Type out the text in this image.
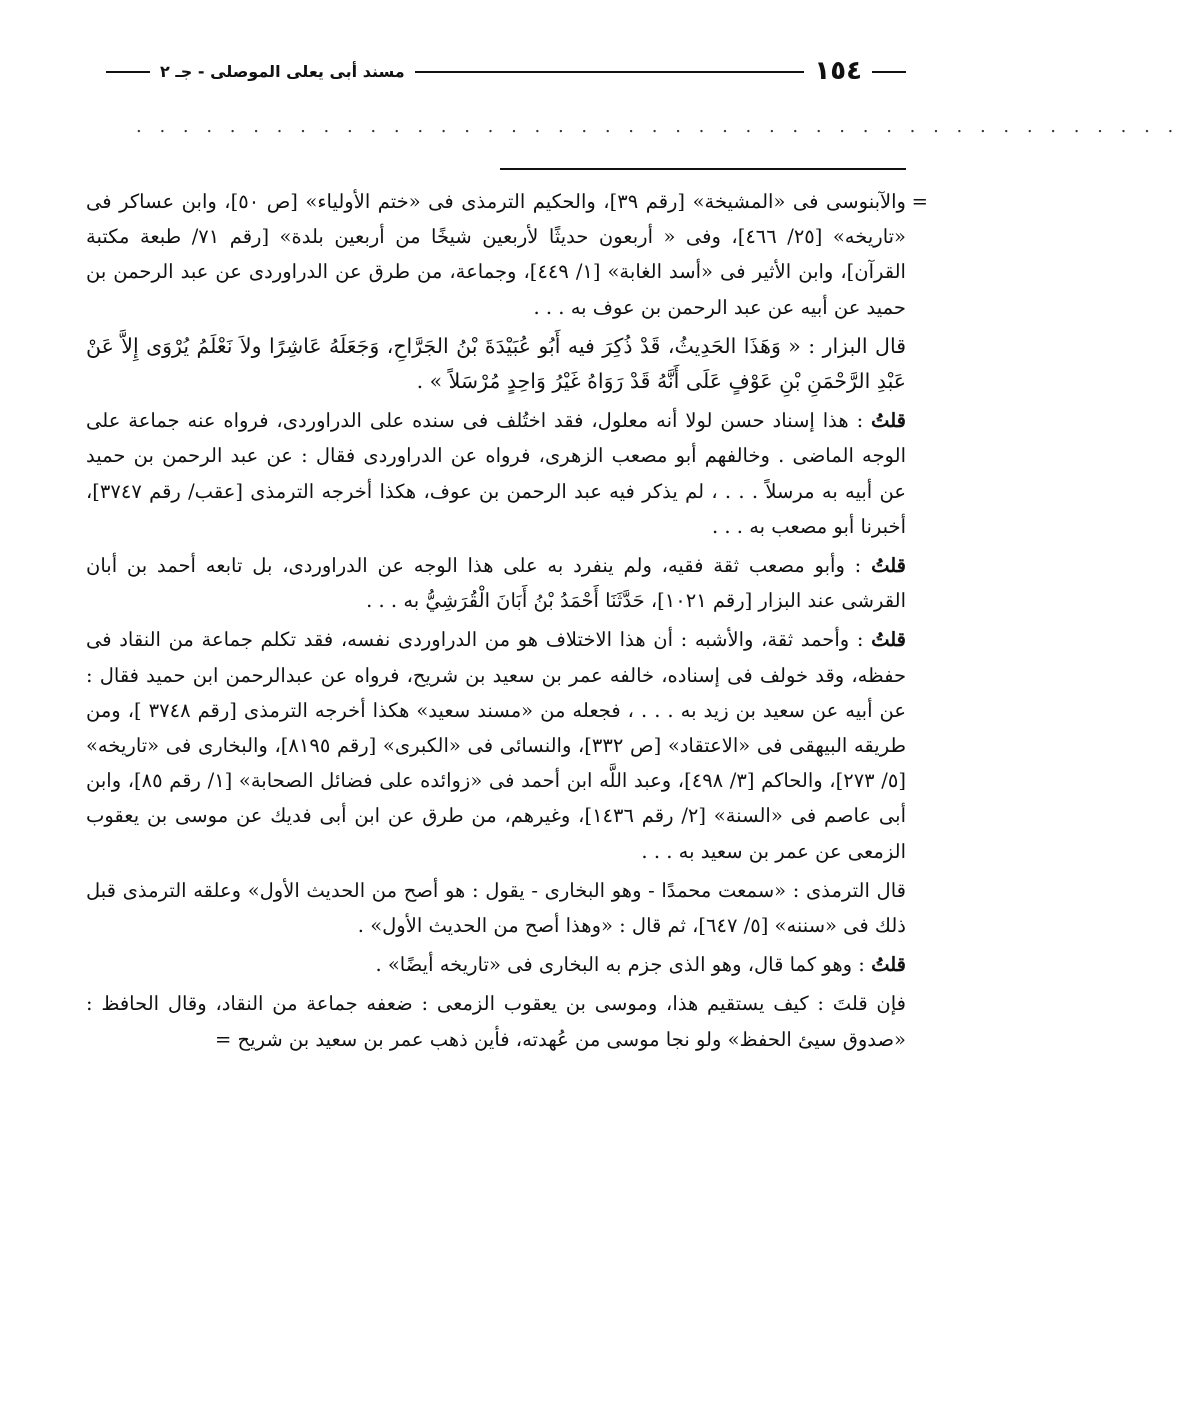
١٥٤
مسند أبى يعلى الموصلى - جـ ٢
. . . . . . . . . . . . . . . . . . . . . . . . . . . . . . . . . . . . . . . . . . . . .

=
والآبنوسى فى «المشيخة» [رقم ٣٩]، والحكيم الترمذى فى «ختم الأولياء» [ص ٥٠]، وابن عساكر فى «تاريخه» [٢٥/ ٤٦٦]، وفى « أربعون حديثًا لأربعين شيخًا من أربعين بلدة» [رقم ٧١/ طبعة مكتبة القرآن]، وابن الأثير فى «أسد الغابة» [١/ ٤٤٩]، وجماعة، من طرق عن الدراوردى عن عبد الرحمن بن حميد عن أبيه عن عبد الرحمن بن عوف به . . .

قال البزار : « وَهَذَا الحَدِيثُ، قَدْ ذُكِرَ فيه أَبُو عُبَيْدَةَ بْنُ الجَرَّاحِ، وَجَعَلَهُ عَاشِرًا ولاَ نَعْلَمُ يُرْوَى إِلاَّ عَنْ عَبْدِ الرَّحْمَنِ بْنِ عَوْفٍ عَلَى أَنَّهُ قَدْ رَوَاهُ غَيْرُ وَاحِدٍ مُرْسَلاً » .

قلتُ : هذا إسناد حسن لولا أنه معلول، فقد اختُلف فى سنده على الدراوردى، فرواه عنه جماعة على الوجه الماضى . وخالفهم أبو مصعب الزهرى، فرواه عن الدراوردى فقال : عن عبد الرحمن بن حميد عن أبيه به مرسلاً . . . ، لم يذكر فيه عبد الرحمن بن عوف، هكذا أخرجه الترمذى [عقب/ رقم ٣٧٤٧]، أخبرنا أبو مصعب به . . .

قلتُ : وأبو مصعب ثقة فقيه، ولم ينفرد به على هذا الوجه عن الدراوردى، بل تابعه أحمد بن أبان القرشى عند البزار [رقم ١٠٢١]، حَدَّثَنَا أَحْمَدُ بْنُ أَبَانَ الْقُرَشِيُّ به . . .

قلتُ : وأحمد ثقة، والأشبه : أن هذا الاختلاف هو من الدراوردى نفسه، فقد تكلم جماعة من النقاد فى حفظه، وقد خولف فى إسناده، خالفه عمر بن سعيد بن شريح، فرواه عن عبدالرحمن ابن حميد فقال : عن أبيه عن سعيد بن زيد به . . . ، فجعله من «مسند سعيد» هكذا أخرجه الترمذى [رقم ٣٧٤٨ ]، ومن طريقه البيهقى فى «الاعتقاد» [ص ٣٣٢]، والنسائى فى «الكبرى» [رقم ٨١٩٥]، والبخارى فى «تاريخه» [٥/ ٢٧٣]، والحاكم [٣/ ٤٩٨]، وعبد اللَّه ابن أحمد فى «زوائده على فضائل الصحابة» [١/ رقم ٨٥]، وابن أبى عاصم فى «السنة» [٢/ رقم ١٤٣٦]، وغيرهم، من طرق عن ابن أبى فديك عن موسى بن يعقوب الزمعى عن عمر بن سعيد به . . .

قال الترمذى : «سمعت محمدًا - وهو البخارى - يقول : هو أصح من الحديث الأول» وعلقه الترمذى قبل ذلك فى «سننه» [٥/ ٦٤٧]، ثم قال : «وهذا أصح من الحديث الأول» .

قلتُ : وهو كما قال، وهو الذى جزم به البخارى فى «تاريخه أيضًا» .

فإن قلتَ : كيف يستقيم هذا، وموسى بن يعقوب الزمعى : ضعفه جماعة من النقاد، وقال الحافظ : «صدوق سيئ الحفظ» ولو نجا موسى من عُهدته، فأين ذهب عمر بن سعيد بن شريح =
